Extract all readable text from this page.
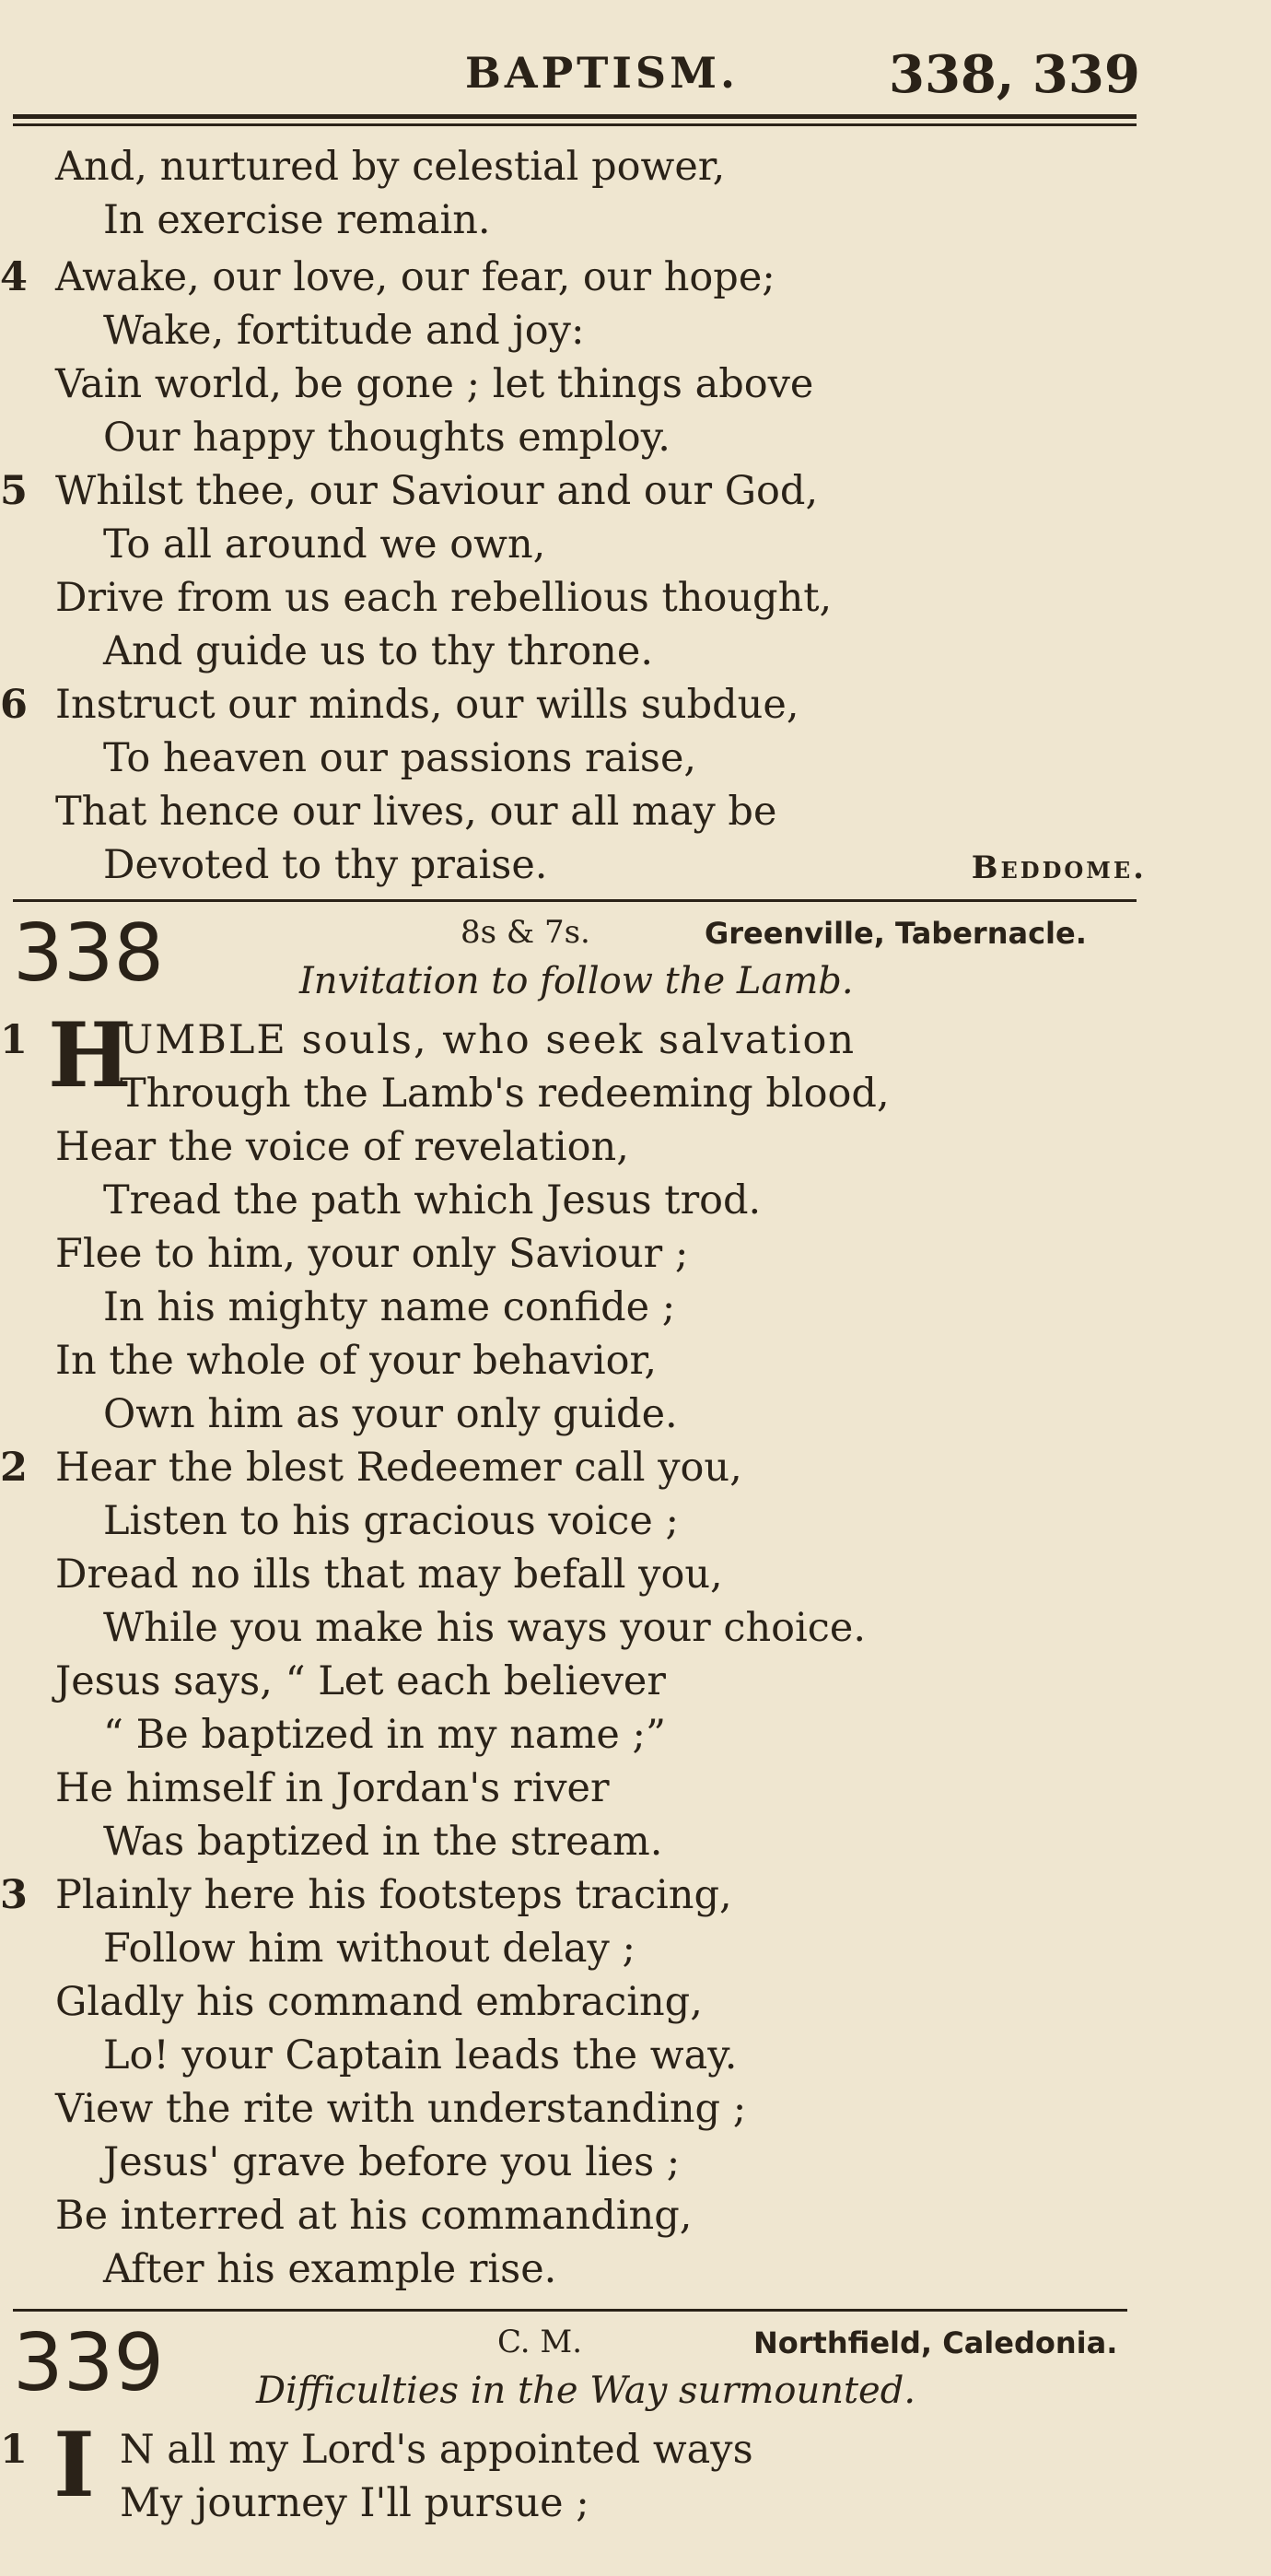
BAPTISM.	338, 339
And, nurtured by celestial power,
In exercise remain.
4 Awake, our love, our fear, our hope;
Wake, fortitude and joy:
Vain world, be gone ; let things above
Our happy thoughts employ.
5 Whilst thee, our Saviour and our God,
To all around we own,
Drive from us each rebellious thought,
And guide us to thy throne.
6 Instruct our minds, our wills subdue,
To heaven our passions raise,
That hence our lives, our all may be
Devoted to thy praise.	Beddome.
338	8s & 7s.	Greenville, Tabernacle.
Invitation to follow the Lamb.
1 H
UMBLE souls, who seek salvation
Through the Lamb's redeeming blood,
Hear the voice of revelation,
Tread the path which Jesus trod.
Flee to him, your only Saviour ;
In his mighty name confide ;
In the whole of your behavior,
Own him as your only guide.
2 Hear the blest Redeemer call you,
Listen to his gracious voice ;
Dread no ills that may befall you,
While you make his ways your choice.
Jesus says, “ Let each believer
“ Be baptized in my name ;”
He himself in Jordan's river
Was baptized in the stream.
3 Plainly here his footsteps tracing,
Follow him without delay ;
Gladly his command embracing,
Lo! your Captain leads the way.
View the rite with understanding ;
Jesus' grave before you lies ;
Be interred at his commanding,
After his example rise.
339	C. M.	Northfield, Caledonia.
Difficulties in the Way surmounted.
1 I N all my Lord's appointed ways
My journey I'll pursue ;
